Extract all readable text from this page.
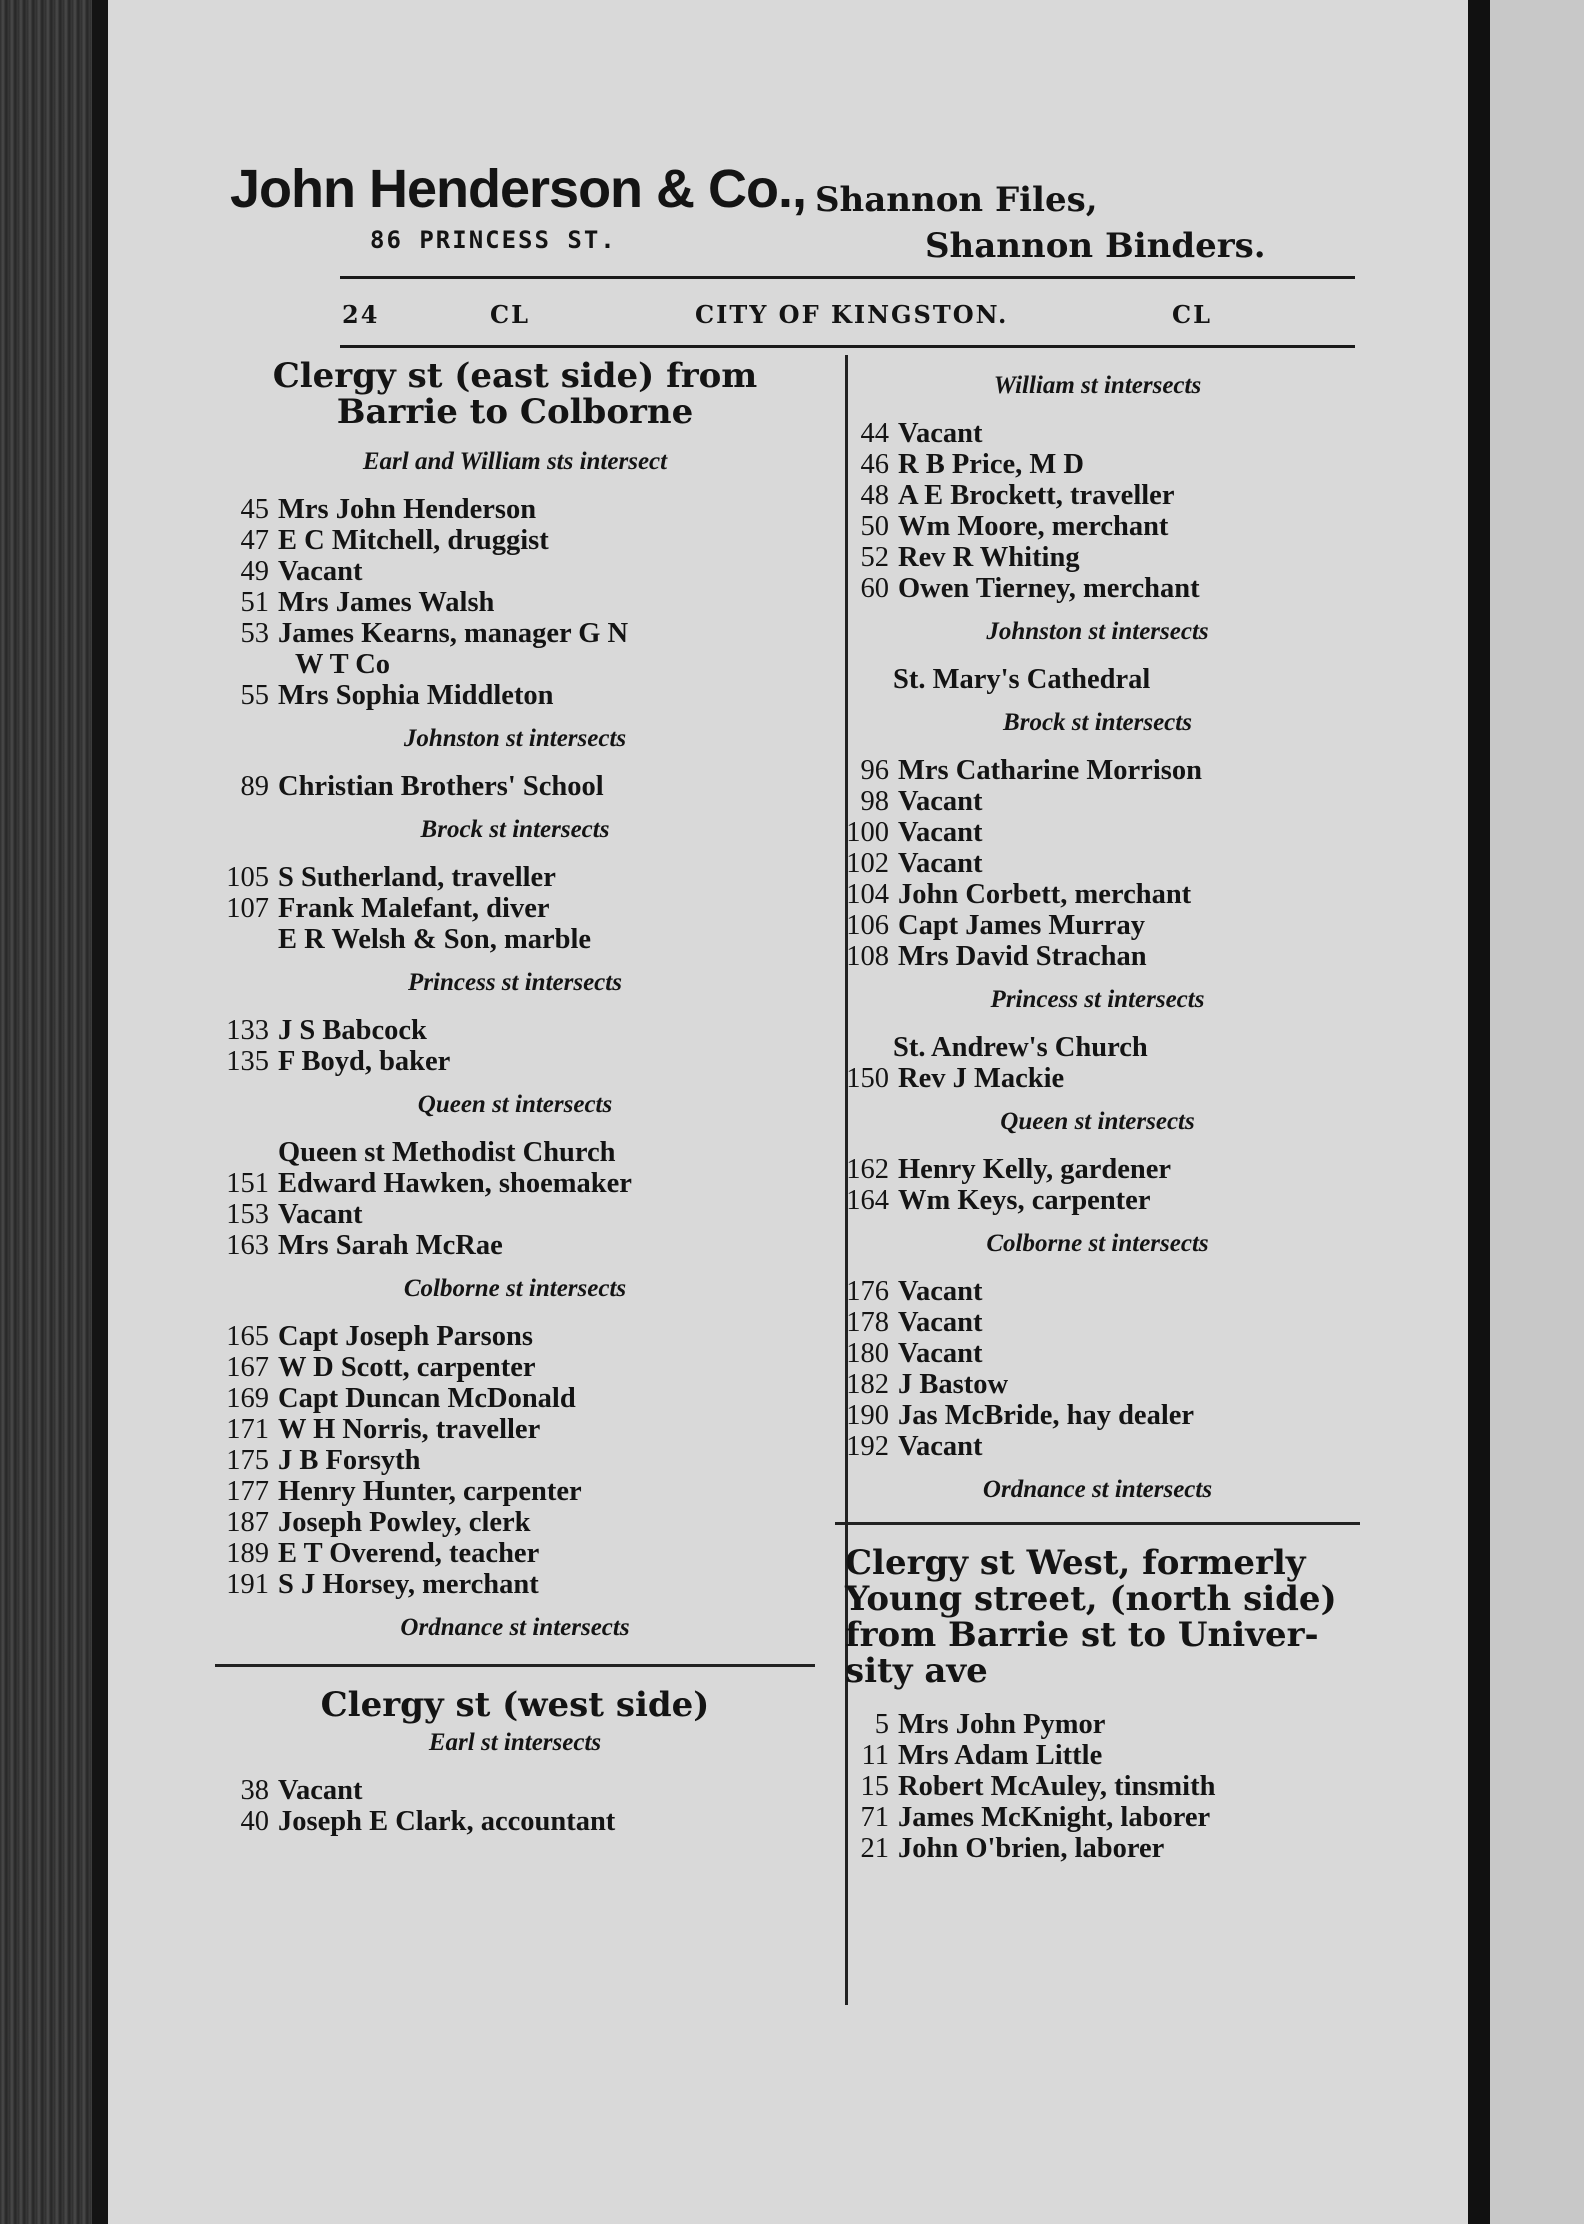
John Henderson & Co.,
86 PRINCESS ST.
Shannon Files,
Shannon Binders.
24	CL	CITY OF KINGSTON.	CL
Clergy st (east side) from
Barrie to Colborne
Earl and William sts intersect
45 Mrs John Henderson
47 E C Mitchell, druggist
49 Vacant
51 Mrs James Walsh
53 James Kearns, manager G N
W T Co
55 Mrs Sophia Middleton
Johnston st intersects
89 Christian Brothers' School
Brock st intersects
105 S Sutherland, traveller
107 Frank Malefant, diver
E R Welsh & Son, marble
Princess st intersects
133 J S Babcock
135 F Boyd, baker
Queen st intersects
Queen st Methodist Church
151 Edward Hawken, shoemaker
153 Vacant
163 Mrs Sarah McRae
Colborne st intersects
165 Capt Joseph Parsons
167 W D Scott, carpenter
169 Capt Duncan McDonald
171 W H Norris, traveller
175 J B Forsyth
177 Henry Hunter, carpenter
187 Joseph Powley, clerk
189 E T Overend, teacher
191 S J Horsey, merchant
Ordnance st intersects
Clergy st (west side)
Earl st intersects
38 Vacant
40 Joseph E Clark, accountant
William st intersects
44 Vacant
46 R B Price, M D
48 A E Brockett, traveller
50 Wm Moore, merchant
52 Rev R Whiting
60 Owen Tierney, merchant
Johnston st intersects
St. Mary's Cathedral
Brock st intersects
96 Mrs Catharine Morrison
98 Vacant
100 Vacant
102 Vacant
104 John Corbett, merchant
106 Capt James Murray
108 Mrs David Strachan
Princess st intersects
St. Andrew's Church
150 Rev J Mackie
Queen st intersects
162 Henry Kelly, gardener
164 Wm Keys, carpenter
Colborne st intersects
176 Vacant
178 Vacant
180 Vacant
182 J Bastow
190 Jas McBride, hay dealer
192 Vacant
Ordnance st intersects
Clergy st West, formerly
Young street, (north side)
from Barrie st to Univer-
sity ave
5 Mrs John Pymor
11 Mrs Adam Little
15 Robert McAuley, tinsmith
71 James McKnight, laborer
21 John O'brien, laborer
